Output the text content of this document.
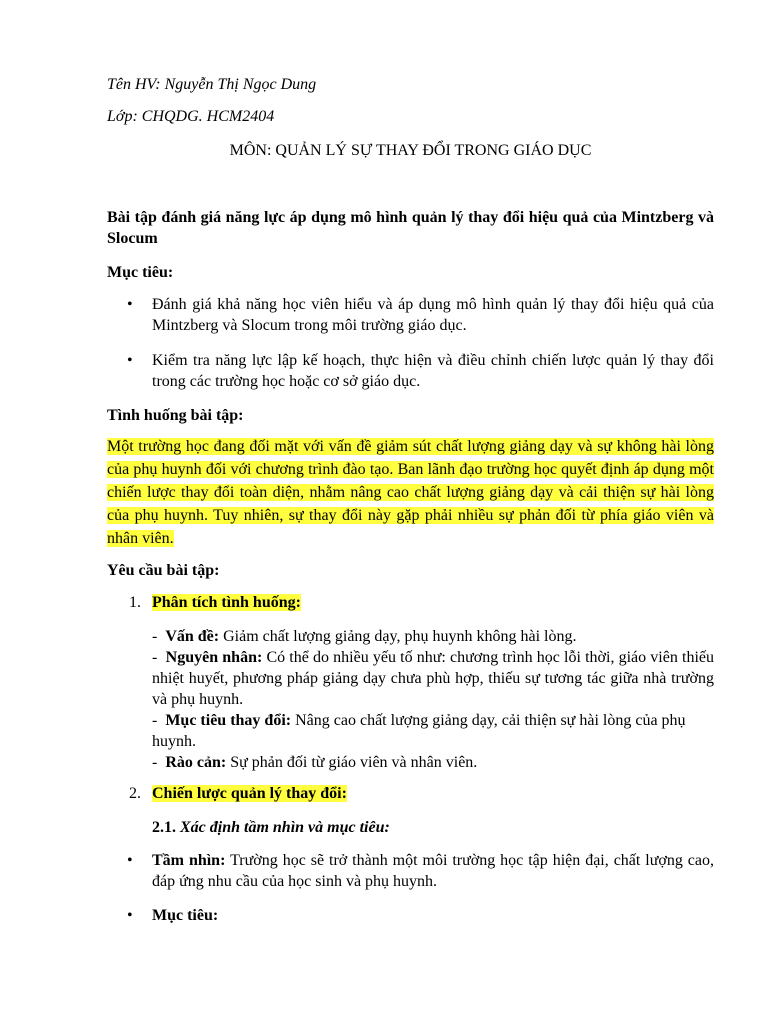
Tên HV: Nguyễn Thị Ngọc Dung

Lớp: CHQDG. HCM2404

MÔN: QUẢN LÝ SỰ THAY ĐỔI TRONG GIÁO DỤC

Bài tập đánh giá năng lực áp dụng mô hình quản lý thay đổi hiệu quả của Mintzberg và Slocum

Mục tiêu:

• Đánh giá khả năng học viên hiểu và áp dụng mô hình quản lý thay đổi hiệu quả của Mintzberg và Slocum trong môi trường giáo dục.

• Kiểm tra năng lực lập kế hoạch, thực hiện và điều chỉnh chiến lược quản lý thay đổi trong các trường học hoặc cơ sở giáo dục.

Tình huống bài tập:

Một trường học đang đối mặt với vấn đề giảm sút chất lượng giảng dạy và sự không hài lòng của phụ huynh đối với chương trình đào tạo. Ban lãnh đạo trường học quyết định áp dụng một chiến lược thay đổi toàn diện, nhằm nâng cao chất lượng giảng dạy và cải thiện sự hài lòng của phụ huynh. Tuy nhiên, sự thay đổi này gặp phải nhiều sự phản đối từ phía giáo viên và nhân viên.

Yêu cầu bài tập:

1. Phân tích tình huống:

- Vấn đề: Giảm chất lượng giảng dạy, phụ huynh không hài lòng.
- Nguyên nhân: Có thể do nhiều yếu tố như: chương trình học lỗi thời, giáo viên thiếu nhiệt huyết, phương pháp giảng dạy chưa phù hợp, thiếu sự tương tác giữa nhà trường và phụ huynh.
- Mục tiêu thay đổi: Nâng cao chất lượng giảng dạy, cải thiện sự hài lòng của phụ huynh.
- Rào cản: Sự phản đối từ giáo viên và nhân viên.
2. Chiến lược quản lý thay đổi:

2.1. Xác định tầm nhìn và mục tiêu:

• Tầm nhìn: Trường học sẽ trở thành một môi trường học tập hiện đại, chất lượng cao, đáp ứng nhu cầu của học sinh và phụ huynh.

• Mục tiêu:
